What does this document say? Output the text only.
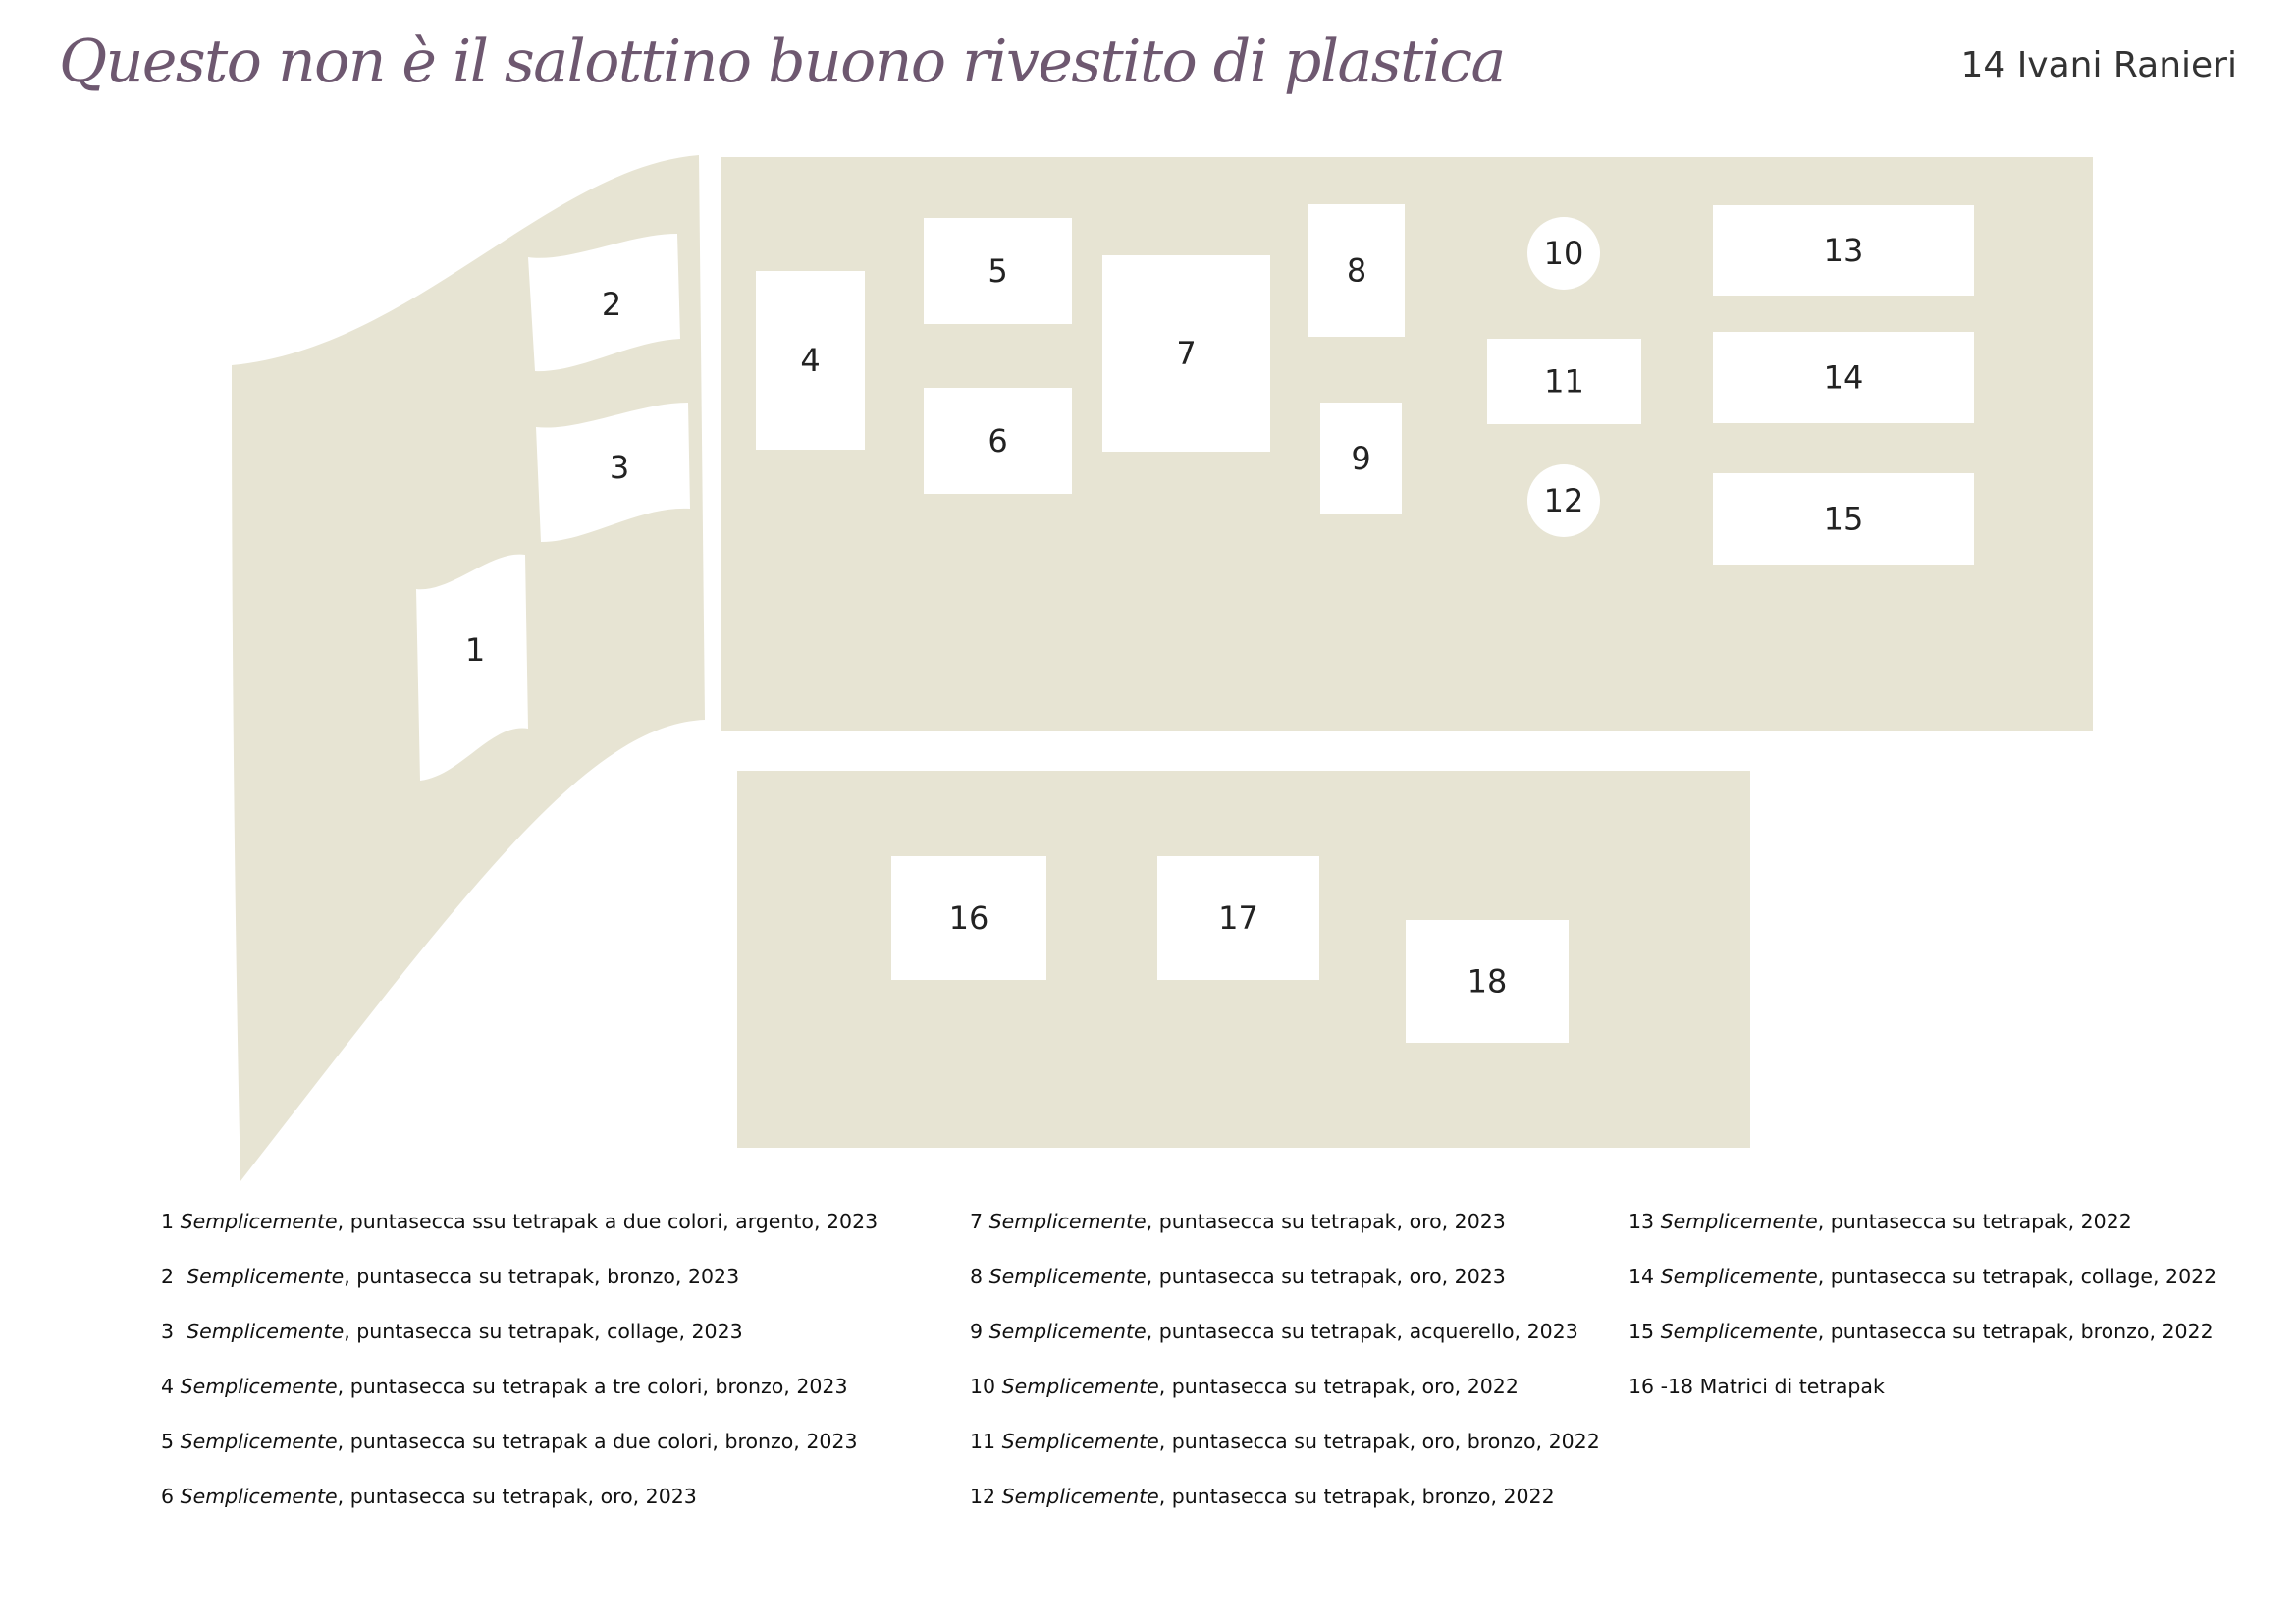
Questo non è il salottino buono rivestito di plastica	14 Ivani Ranieri
1
2
3
4
5
6
7
8
9
10
11
12
13
14
15
16	17
18
1 Semplicemente, puntasecca ssu tetrapak a due colori, argento, 2023
2  Semplicemente, puntasecca su tetrapak, bronzo, 2023
3  Semplicemente, puntasecca su tetrapak, collage, 2023
4 Semplicemente, puntasecca su tetrapak a tre colori, bronzo, 2023
5 Semplicemente, puntasecca su tetrapak a due colori, bronzo, 2023
6 Semplicemente, puntasecca su tetrapak, oro, 2023
7 Semplicemente, puntasecca su tetrapak, oro, 2023
8 Semplicemente, puntasecca su tetrapak, oro, 2023
9 Semplicemente, puntasecca su tetrapak, acquerello, 2023
10 Semplicemente, puntasecca su tetrapak, oro, 2022
11 Semplicemente, puntasecca su tetrapak, oro, bronzo, 2022
12 Semplicemente, puntasecca su tetrapak, bronzo, 2022
13 Semplicemente, puntasecca su tetrapak, 2022
14 Semplicemente, puntasecca su tetrapak, collage, 2022
15 Semplicemente, puntasecca su tetrapak, bronzo, 2022
16 -18 Matrici di tetrapak
